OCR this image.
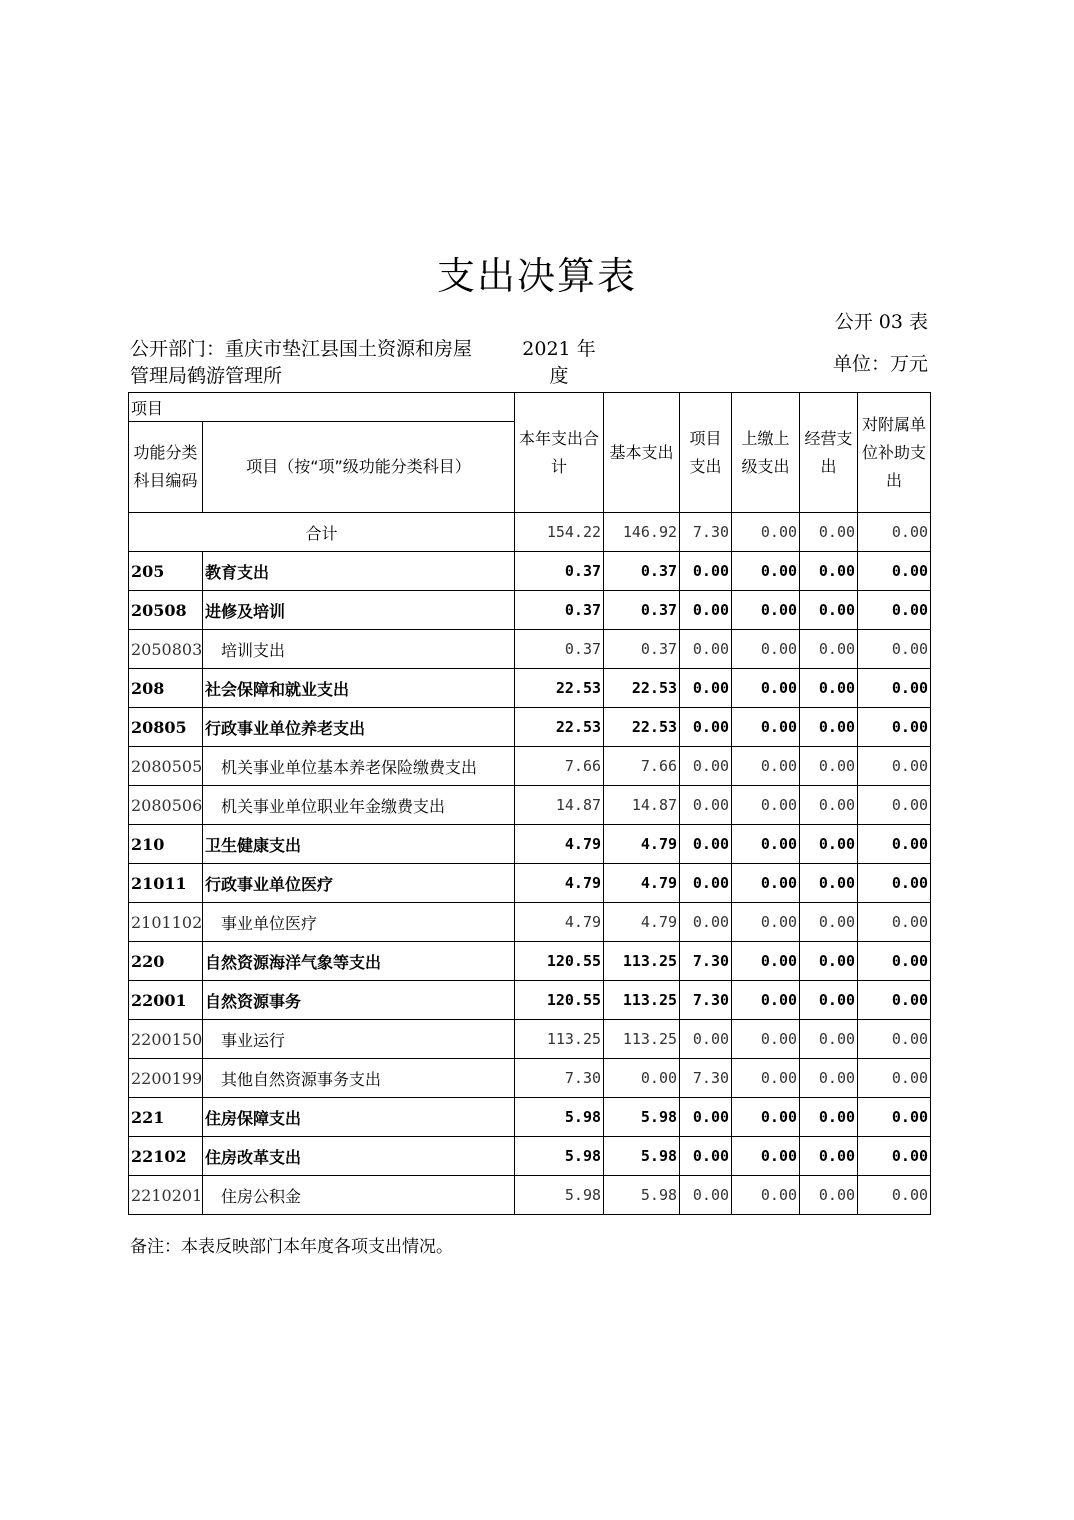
支出决算表
公开 03 表
公开部门：重庆市垫江县国土资源和房屋
管理局鹤游管理所
2021 年
度
单位：万元
项目		本年支出合计	基本支出	项目支出	上缴上级支出	经营支出	对附属单位补助支出
功能分类科目编码	项目（按“项”级功能分类科目）						
合计		154.22	146.92	7.30	0.00	0.00	0.00
205	教育支出	0.37	0.37	0.00	0.00	0.00	0.00
20508	进修及培训	0.37	0.37	0.00	0.00	0.00	0.00
2050803	培训支出	0.37	0.37	0.00	0.00	0.00	0.00
208	社会保障和就业支出	22.53	22.53	0.00	0.00	0.00	0.00
20805	行政事业单位养老支出	22.53	22.53	0.00	0.00	0.00	0.00
2080505	机关事业单位基本养老保险缴费支出	7.66	7.66	0.00	0.00	0.00	0.00
2080506	机关事业单位职业年金缴费支出	14.87	14.87	0.00	0.00	0.00	0.00
210	卫生健康支出	4.79	4.79	0.00	0.00	0.00	0.00
21011	行政事业单位医疗	4.79	4.79	0.00	0.00	0.00	0.00
2101102	事业单位医疗	4.79	4.79	0.00	0.00	0.00	0.00
220	自然资源海洋气象等支出	120.55	113.25	7.30	0.00	0.00	0.00
22001	自然资源事务	120.55	113.25	7.30	0.00	0.00	0.00
2200150	事业运行	113.25	113.25	0.00	0.00	0.00	0.00
2200199	其他自然资源事务支出	7.30	0.00	7.30	0.00	0.00	0.00
221	住房保障支出	5.98	5.98	0.00	0.00	0.00	0.00
22102	住房改革支出	5.98	5.98	0.00	0.00	0.00	0.00
2210201	住房公积金	5.98	5.98	0.00	0.00	0.00	0.00
备注：本表反映部门本年度各项支出情况。
